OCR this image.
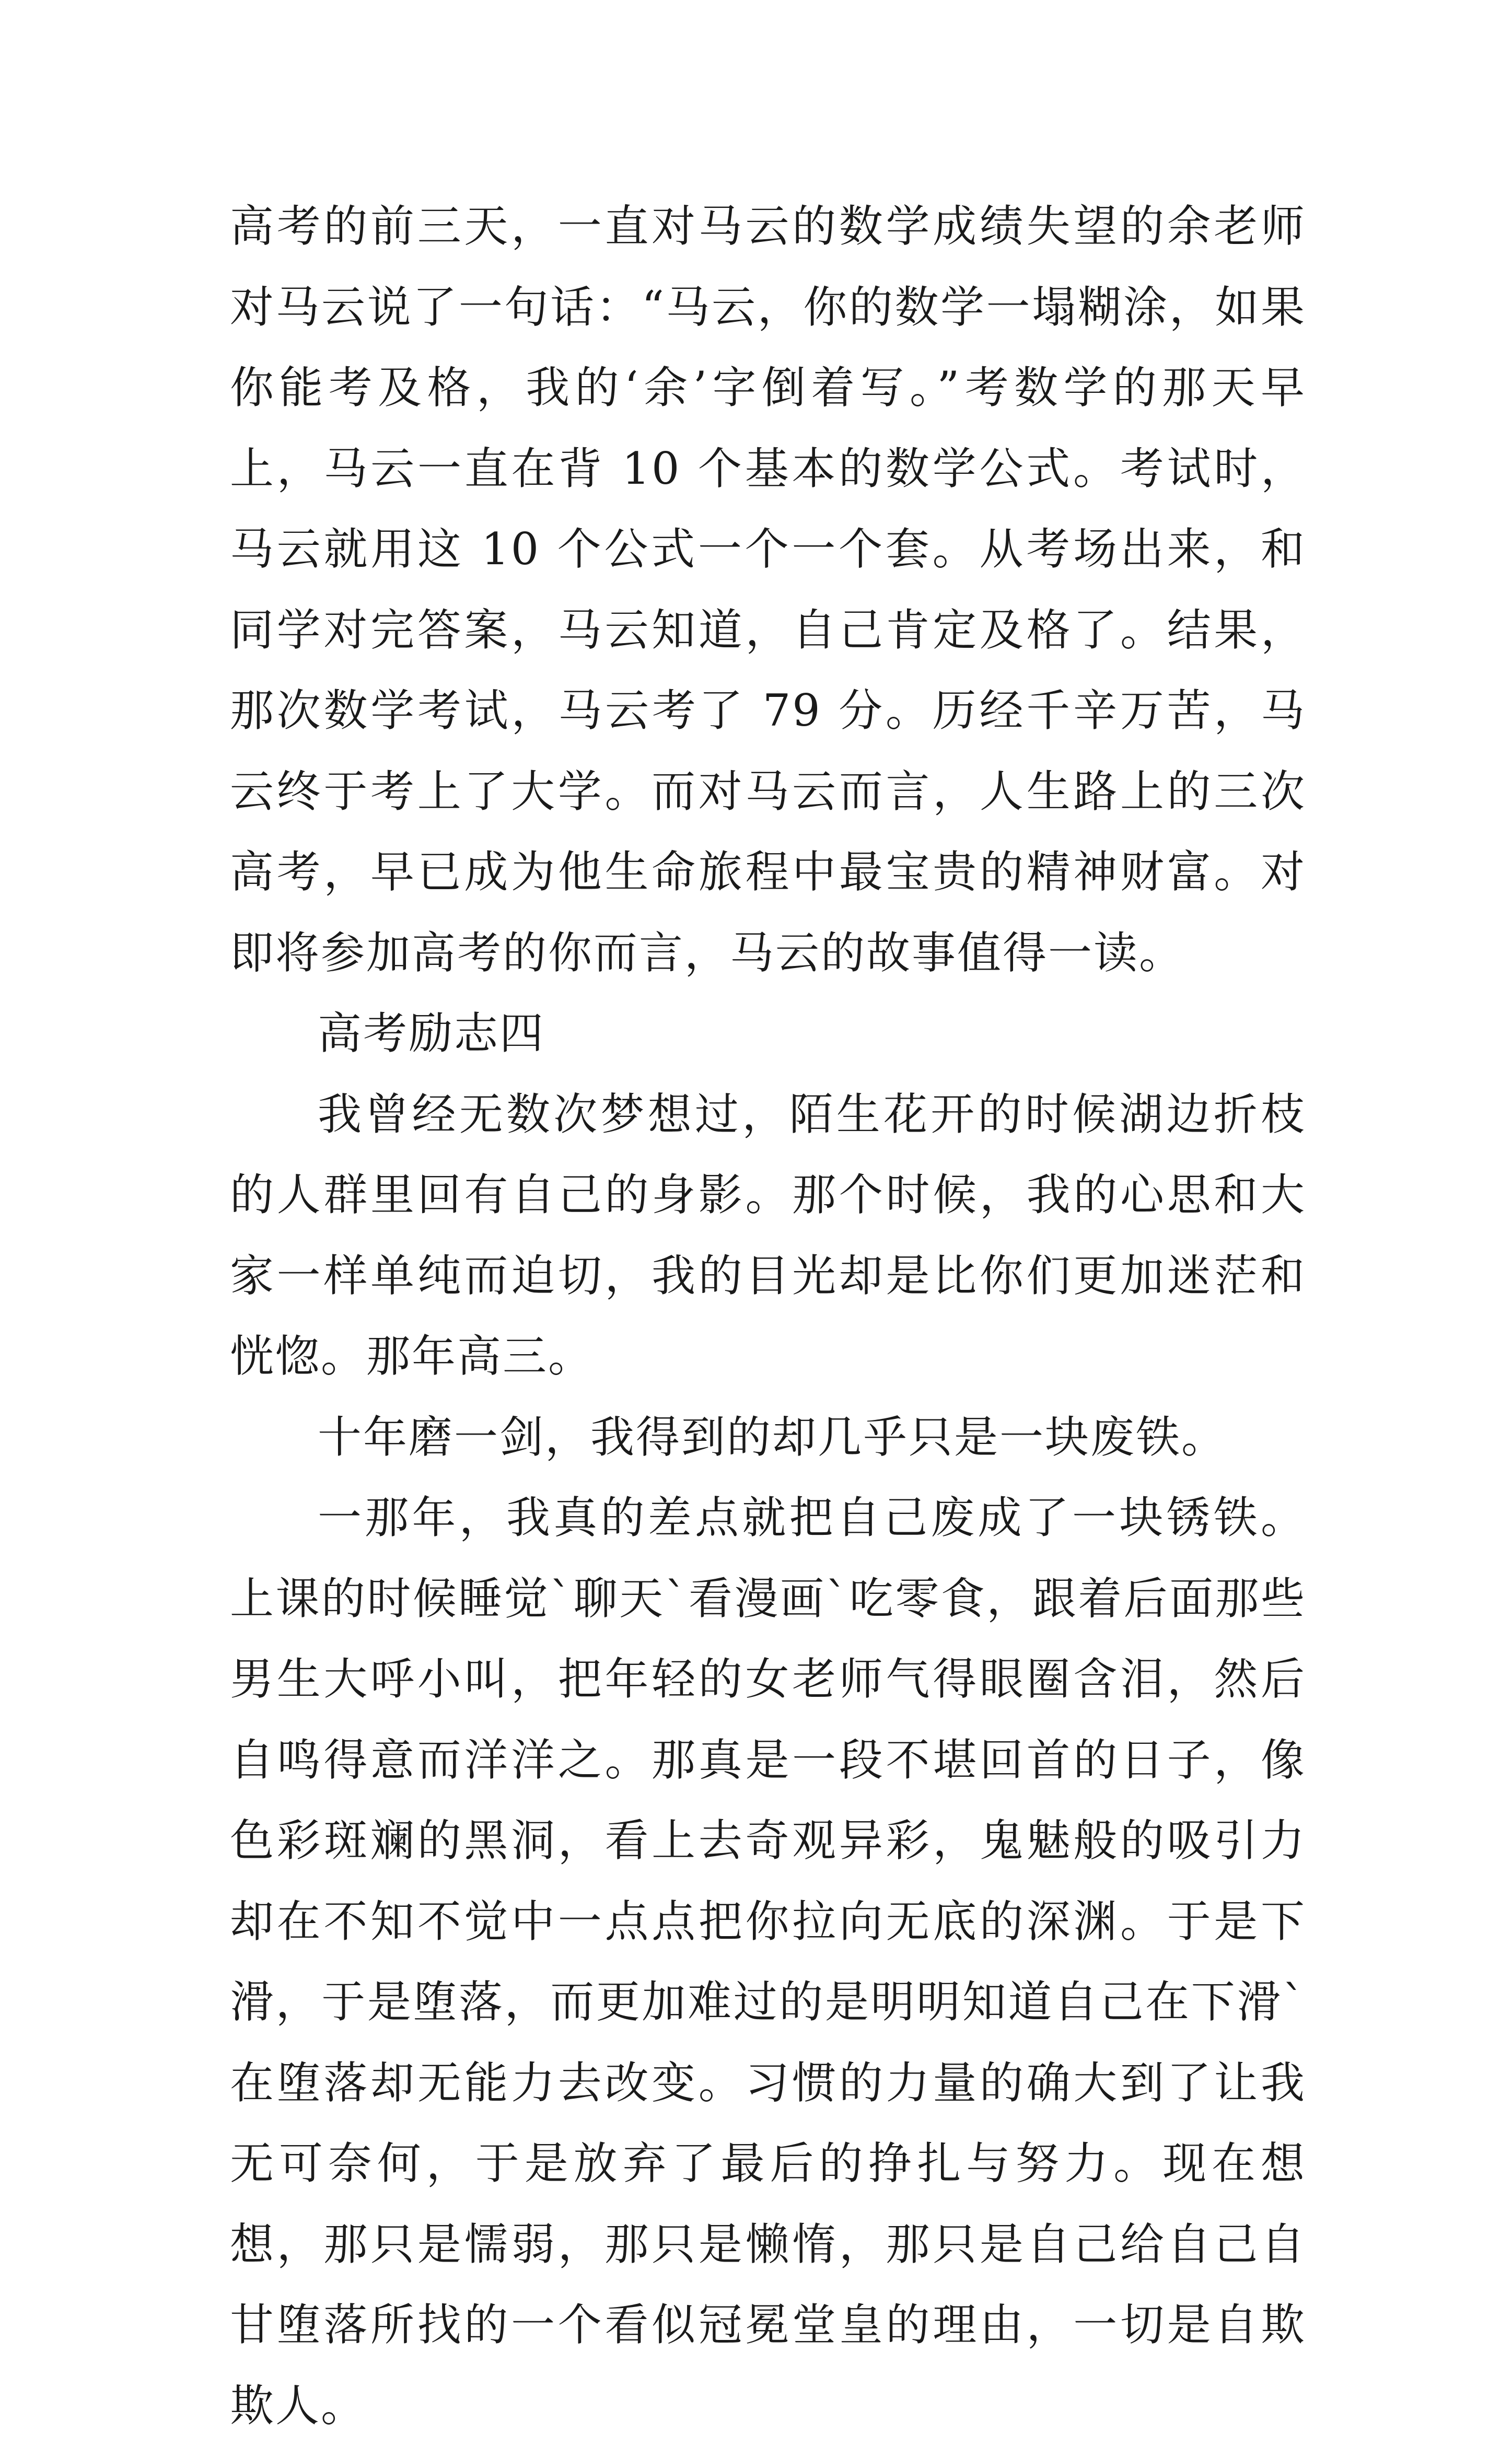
高考的前三天，一直对马云的数学成绩失望的余老师对马云说了一句话：“马云，你的数学一塌糊涂，如果你能考及格，我的‘余’字倒着写。”考数学的那天早上，马云一直在背 10 个基本的数学公式。考试时，马云就用这 10 个公式一个一个套。从考场出来，和同学对完答案，马云知道，自己肯定及格了。结果，那次数学考试，马云考了 79 分。历经千辛万苦，马云终于考上了大学。而对马云而言，人生路上的三次高考，早已成为他生命旅程中最宝贵的精神财富。对即将参加高考的你而言，马云的故事值得一读。

高考励志四

我曾经无数次梦想过，陌生花开的时候湖边折枝的人群里回有自己的身影。那个时候，我的心思和大家一样单纯而迫切，我的目光却是比你们更加迷茫和恍惚。那年高三。

十年磨一剑，我得到的却几乎只是一块废铁。

一那年，我真的差点就把自己废成了一块锈铁。上课的时候睡觉`聊天`看漫画`吃零食，跟着后面那些男生大呼小叫，把年轻的女老师气得眼圈含泪，然后自鸣得意而洋洋之。那真是一段不堪回首的日子，像色彩斑斓的黑洞，看上去奇观异彩，鬼魅般的吸引力却在不知不觉中一点点把你拉向无底的深渊。于是下滑，于是堕落，而更加难过的是明明知道自己在下滑`在堕落却无能力去改变。习惯的力量的确大到了让我无可奈何，于是放弃了最后的挣扎与努力。现在想想，那只是懦弱，那只是懒惰，那只是自己给自己自甘堕落所找的一个看似冠冕堂皇的理由，一切是自欺欺人。
